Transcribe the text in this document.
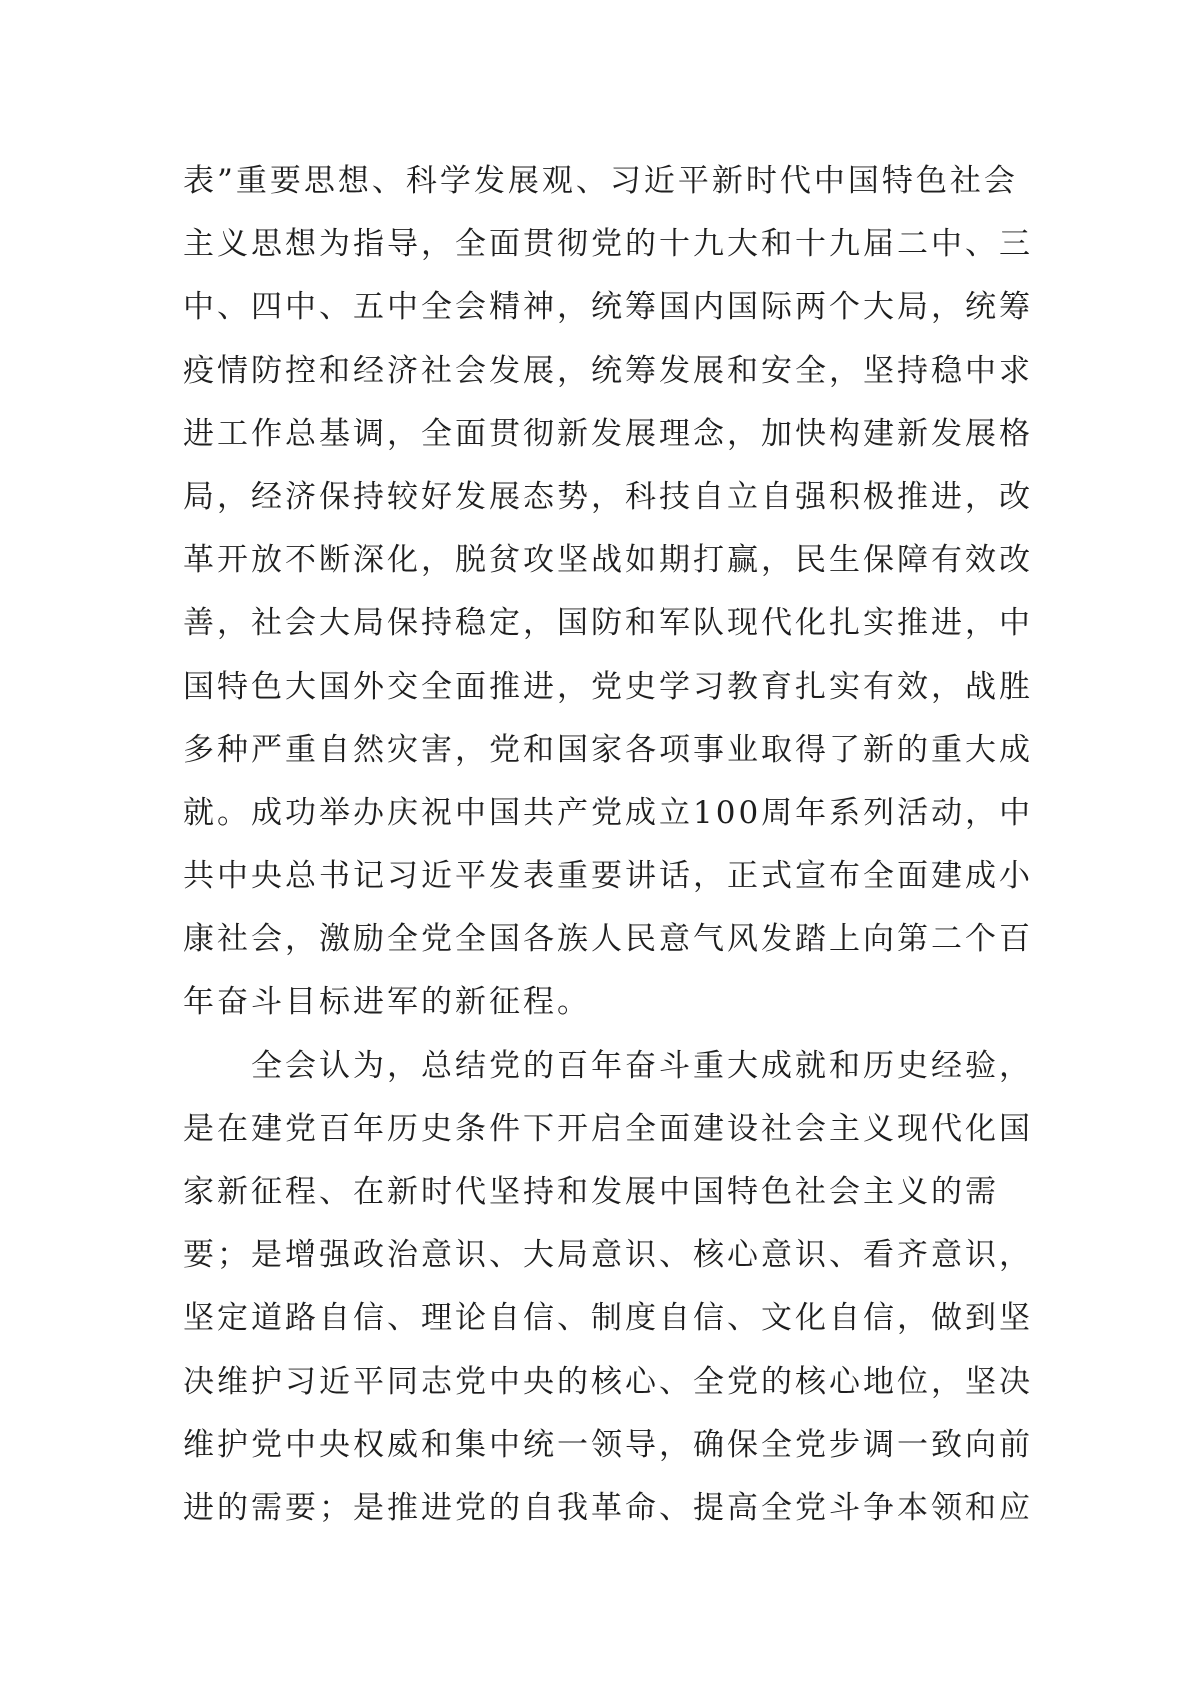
表”重要思想、科学发展观、习近平新时代中国特色社会
主义思想为指导，全面贯彻党的十九大和十九届二中、三
中、四中、五中全会精神，统筹国内国际两个大局，统筹
疫情防控和经济社会发展，统筹发展和安全，坚持稳中求
进工作总基调，全面贯彻新发展理念，加快构建新发展格
局，经济保持较好发展态势，科技自立自强积极推进，改
革开放不断深化，脱贫攻坚战如期打赢，民生保障有效改
善，社会大局保持稳定，国防和军队现代化扎实推进，中
国特色大国外交全面推进，党史学习教育扎实有效，战胜
多种严重自然灾害，党和国家各项事业取得了新的重大成
就。成功举办庆祝中国共产党成立100周年系列活动，中
共中央总书记习近平发表重要讲话，正式宣布全面建成小
康社会，激励全党全国各族人民意气风发踏上向第二个百
年奋斗目标进军的新征程。
　　全会认为，总结党的百年奋斗重大成就和历史经验，
是在建党百年历史条件下开启全面建设社会主义现代化国
家新征程、在新时代坚持和发展中国特色社会主义的需
要；是增强政治意识、大局意识、核心意识、看齐意识，
坚定道路自信、理论自信、制度自信、文化自信，做到坚
决维护习近平同志党中央的核心、全党的核心地位，坚决
维护党中央权威和集中统一领导，确保全党步调一致向前
进的需要；是推进党的自我革命、提高全党斗争本领和应
